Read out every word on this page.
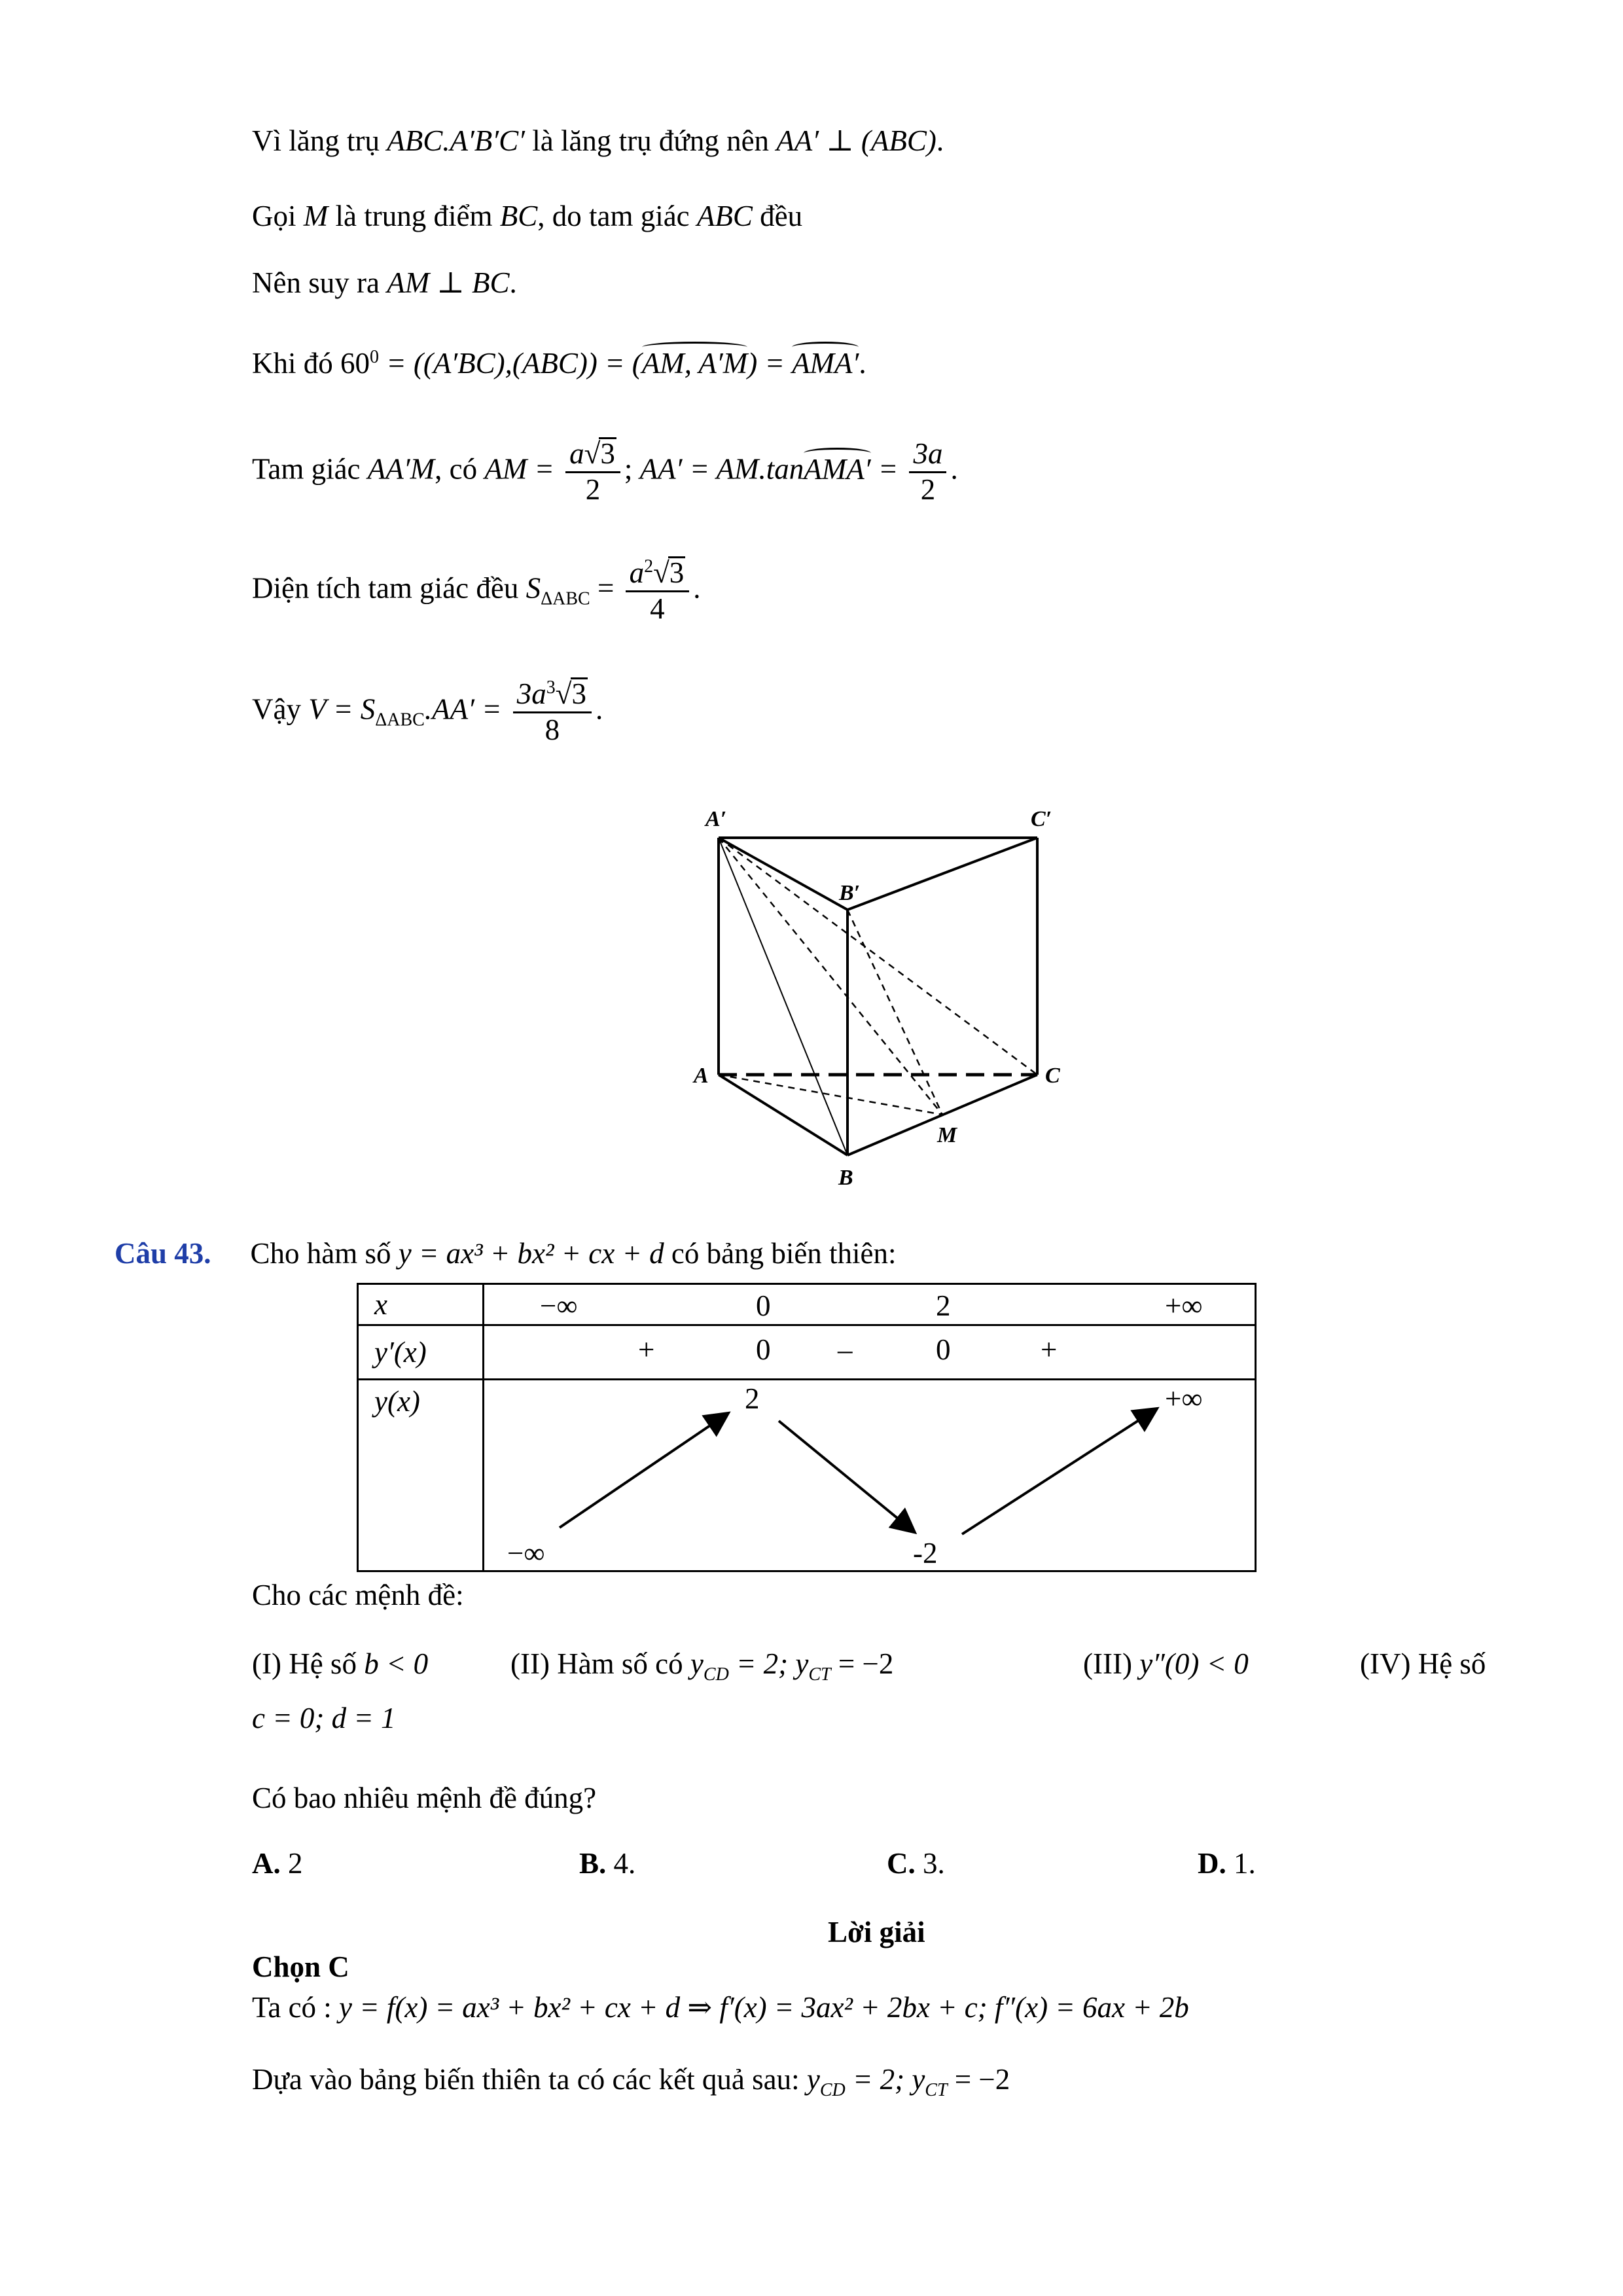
Vì lăng trụ ABC.A′B′C′ là lăng trụ đứng nên AA′ ⊥ (ABC).
Gọi M là trung điểm BC, do tam giác ABC đều
Nên suy ra AM ⊥ BC.
Khi đó $60^0 = ((A'BC),(ABC)) = (AM$, A′M) = AMA′.
Tam giác AA′M, có AM = $\frac{a√3}{2}$ ; AA′ = AM.tanAMA′ = $\frac{3a}{2}$ .
Diện tích tam giác đều $S_{\Delta ABC} = \frac{a^2√3}{4}$ .
Vậy $V = S_{\Delta ABC}.AA' = \frac{3a^3√3}{8}$ .
A′	C′
B′
A	C
M
B
Câu 43. Cho hàm số y = ax³ + bx² + cx + d có bảng biến thiên:
x	−∞ 0 2 +∞

y′(x)	+ 0 – 0 +

y(x)	2 +∞
−∞ -2
Cho các mệnh đề:
(I) Hệ số b < 0	(II) Hàm số có $y_{CD} = 2$; $y_{CT} = -2$	(III) y″(0) < 0	(IV) Hệ số
c = 0; d = 1
Có bao nhiêu mệnh đề đúng?
A. 2	B. 4.	C. 3.	D. 1.
Lời giải
Chọn C
Ta có : y = f(x) = ax³ + bx² + cx + d ⇒ f′(x) = 3ax² + 2bx + c; f″(x) = 6ax + 2b
Dựa vào bảng biến thiên ta có các kết quả sau: $y_{CD} = 2$; $y_{CT} = -2$
